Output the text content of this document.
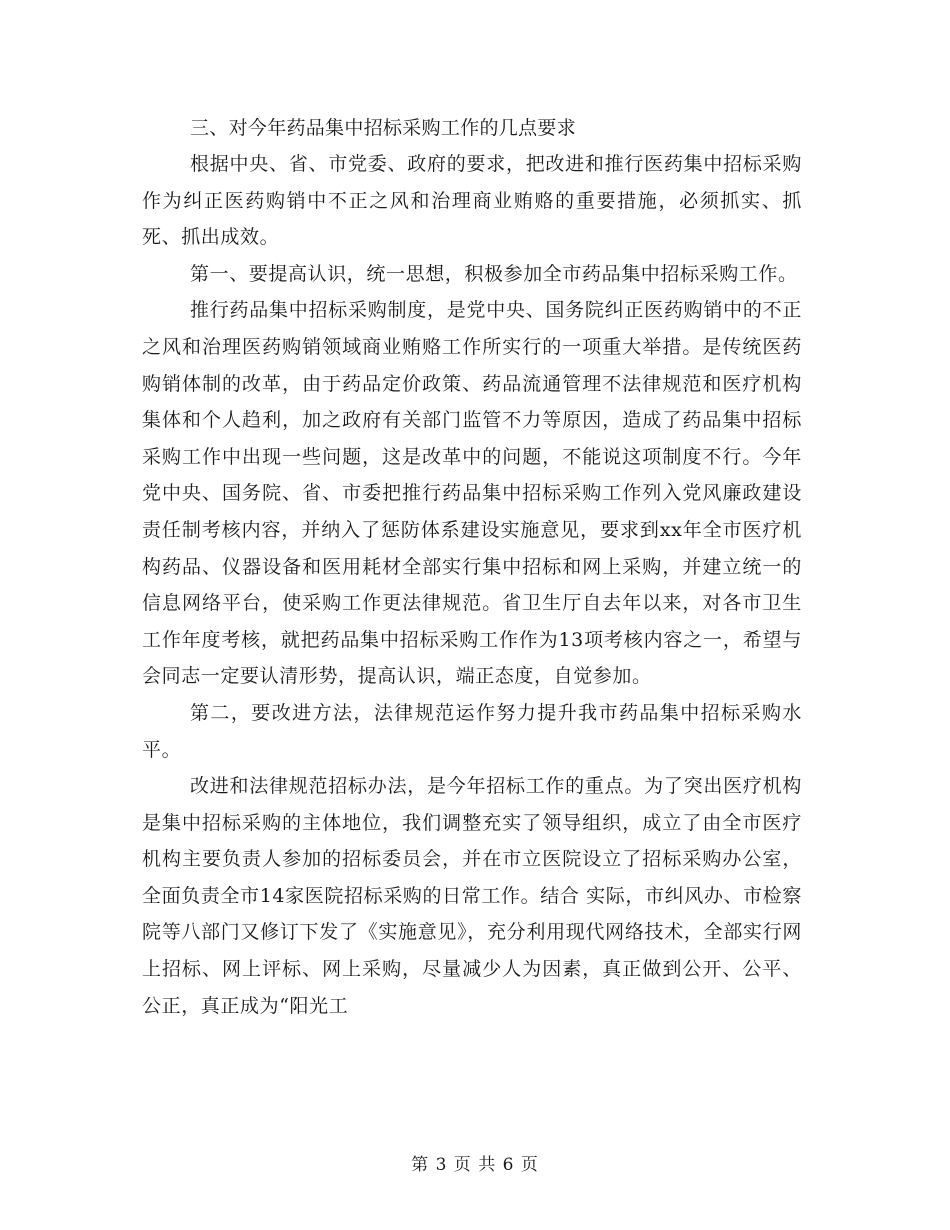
三、对今年药品集中招标采购工作的几点要求

根据中央、省、市党委、政府的要求，把改进和推行医药集中招标采购作为纠正医药购销中不正之风和治理商业贿赂的重要措施，必须抓实、抓死、抓出成效。

第一、要提高认识，统一思想，积极参加全市药品集中招标采购工作。

推行药品集中招标采购制度，是党中央、国务院纠正医药购销中的不正之风和治理医药购销领域商业贿赂工作所实行的一项重大举措。是传统医药购销体制的改革，由于药品定价政策、药品流通管理不法律规范和医疗机构集体和个人趋利，加之政府有关部门监管不力等原因，造成了药品集中招标采购工作中出现一些问题，这是改革中的问题，不能说这项制度不行。今年党中央、国务院、省、市委把推行药品集中招标采购工作列入党风廉政建设责任制考核内容，并纳入了惩防体系建设实施意见，要求到xx年全市医疗机构药品、仪器设备和医用耗材全部实行集中招标和网上采购，并建立统一的信息网络平台，使采购工作更法律规范。省卫生厅自去年以来，对各市卫生工作年度考核，就把药品集中招标采购工作作为13项考核内容之一，希望与会同志一定要认清形势，提高认识，端正态度，自觉参加。

第二，要改进方法，法律规范运作努力提升我市药品集中招标采购水平。

改进和法律规范招标办法，是今年招标工作的重点。为了突出医疗机构是集中招标采购的主体地位，我们调整充实了领导组织，成立了由全市医疗机构主要负责人参加的招标委员会，并在市立医院设立了招标采购办公室，全面负责全市14家医院招标采购的日常工作。结合 实际，市纠风办、市检察院等八部门又修订下发了《实施意见》，充分利用现代网络技术，全部实行网上招标、网上评标、网上采购，尽量减少人为因素，真正做到公开、公平、公正，真正成为“阳光工

第 3 页 共 6 页
